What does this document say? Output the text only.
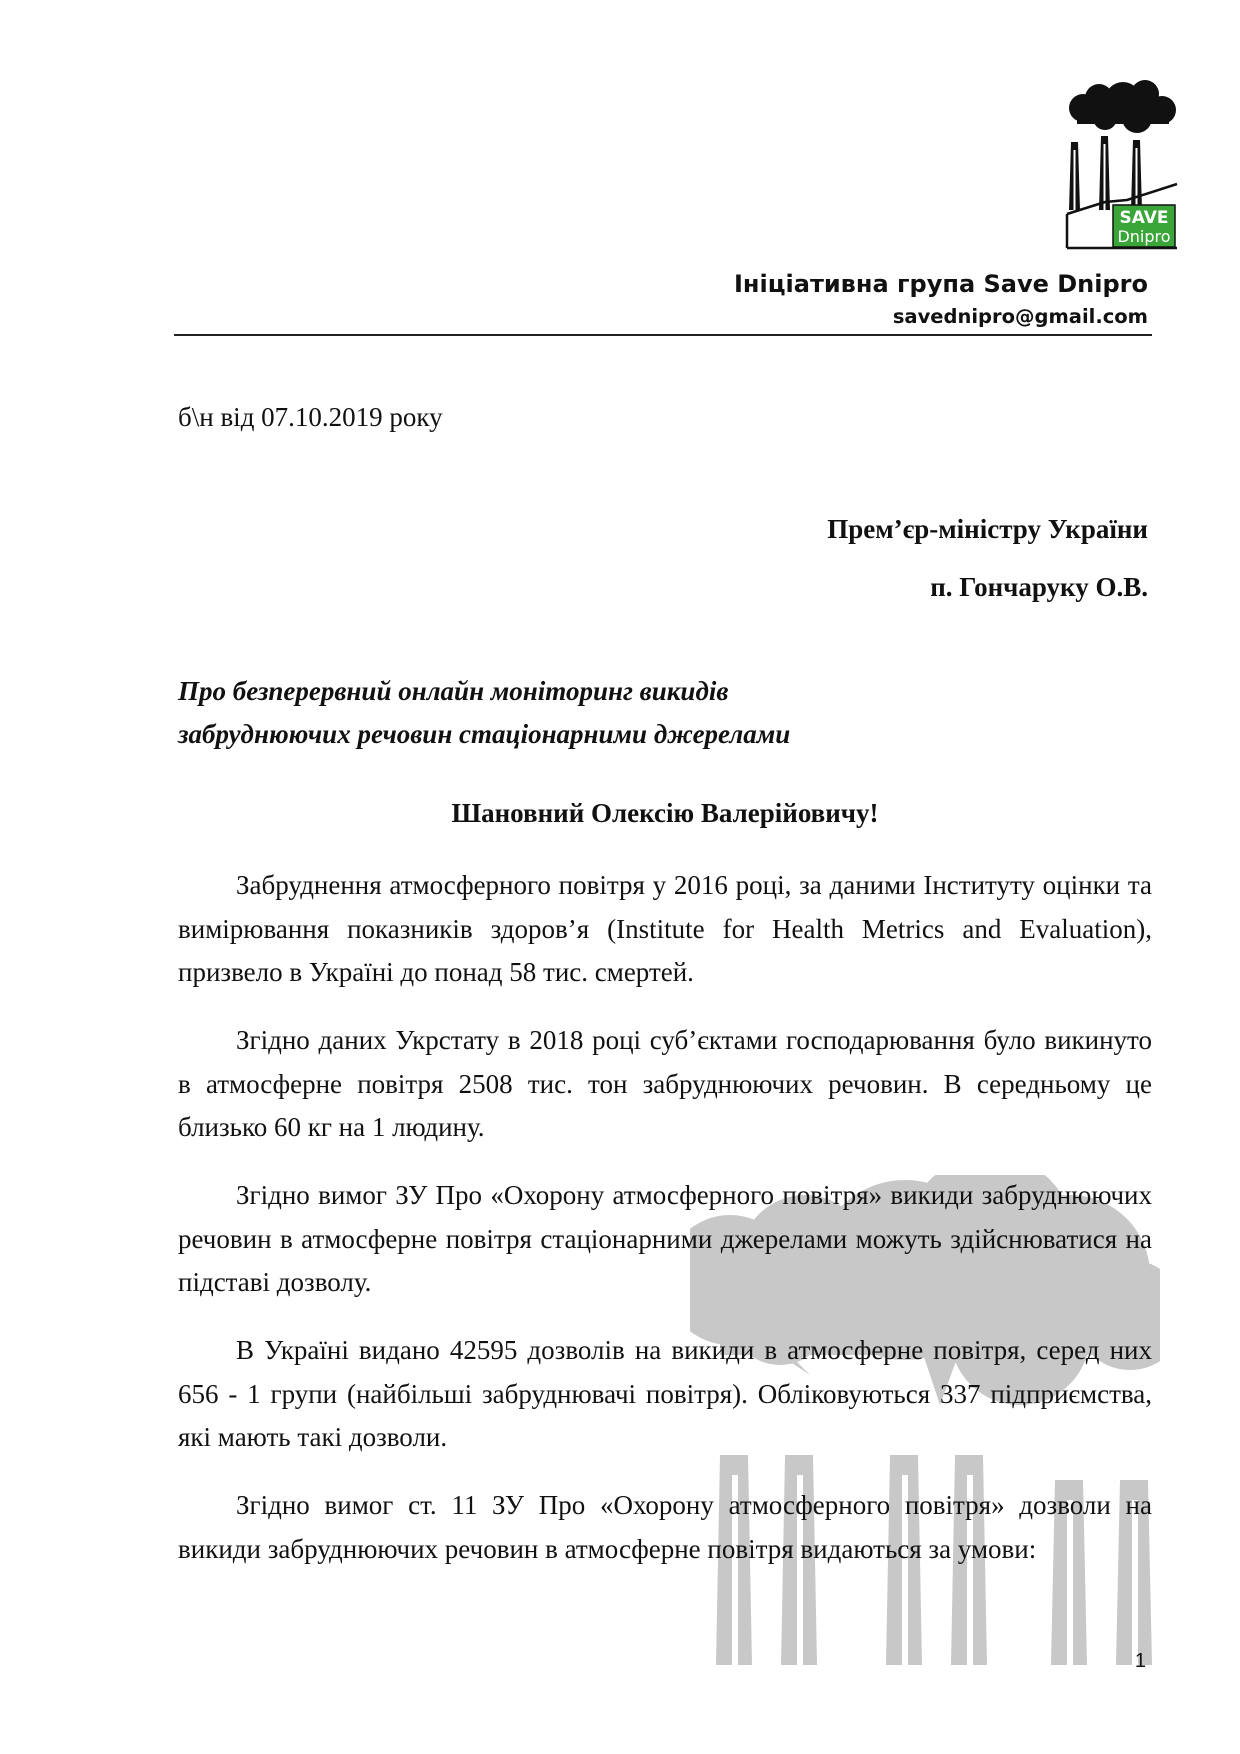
SAVE
Dnipro
Ініціативна група Save Dnipro
savednipro@gmail.com
б\н від 07.10.2019 року
Прем’єр-міністру України
п. Гончаруку О.В.
Про безперервний онлайн моніторинг викидів
забруднюючих речовин стаціонарними джерелами
Шановний Олексію Валерійовичу!
Забруднення атмосферного повітря у 2016 році, за даними Інституту оцінки та вимірювання показників здоров’я (Institute for Health Metrics and Evaluation), призвело в Україні до понад 58 тис. смертей.
Згідно даних Укрстату в 2018 році суб’єктами господарювання було викинуто в атмосферне повітря 2508 тис. тон забруднюючих речовин. В середньому це близько 60 кг на 1 людину.
Згідно вимог ЗУ Про «Охорону атмосферного повітря» викиди забруднюючих речовин в атмосферне повітря стаціонарними джерелами можуть здійснюватися на підставі дозволу.
В Україні видано 42595 дозволів на викиди в атмосферне повітря, серед них 656 - 1 групи (найбільші забруднювачі повітря). Обліковуються 337 підприємства, які мають такі дозволи.
Згідно вимог ст. 11 ЗУ Про «Охорону атмосферного повітря» дозволи на викиди забруднюючих речовин в атмосферне повітря видаються за умови:
1
